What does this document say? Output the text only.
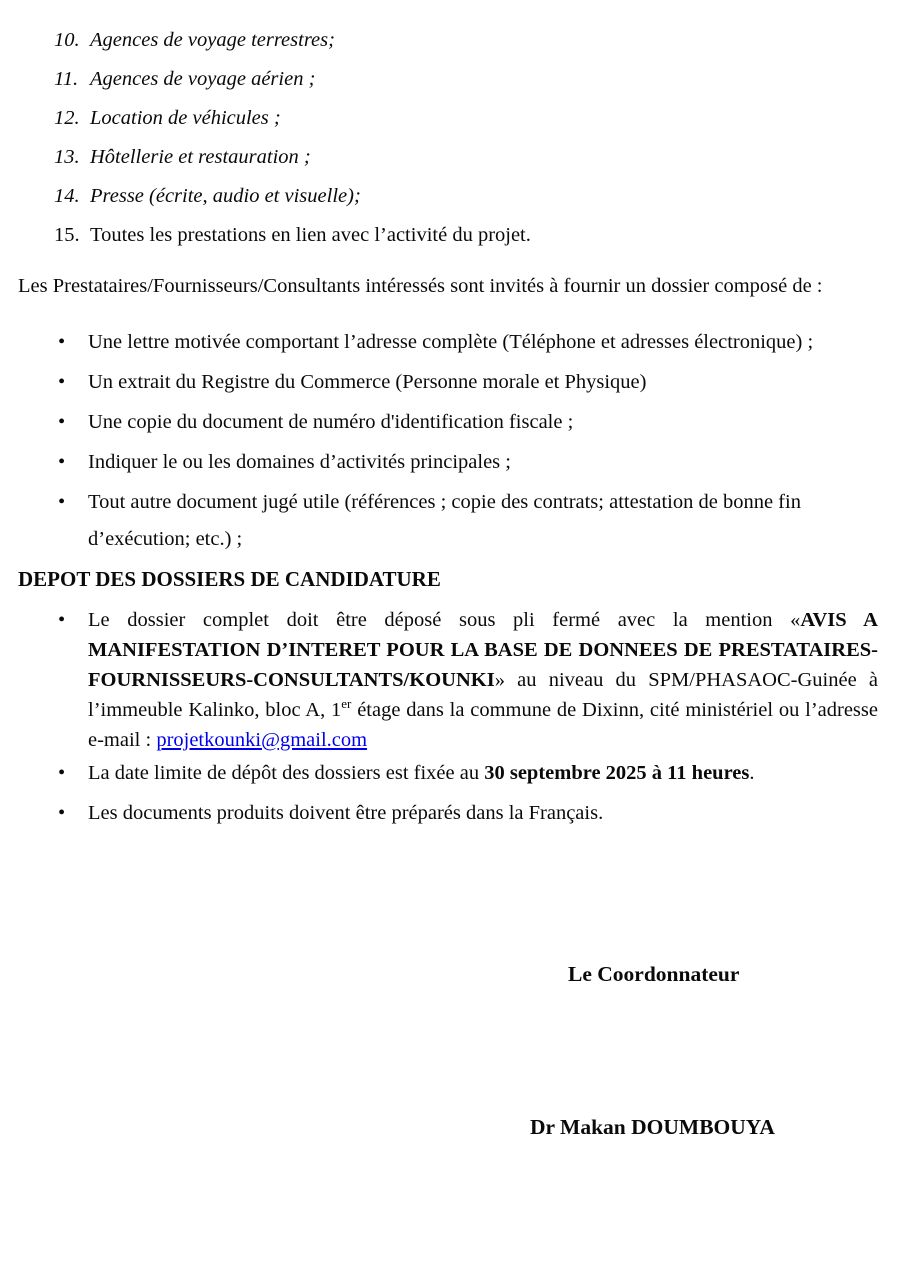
10. Agences de voyage terrestres;
11. Agences de voyage aérien ;
12. Location de véhicules ;
13. Hôtellerie et restauration ;
14. Presse (écrite, audio et visuelle);
15. Toutes les prestations en lien avec l’activité du projet.

Les Prestataires/Fournisseurs/Consultants intéressés sont invités à fournir un dossier composé de :

• Une lettre motivée comportant l’adresse complète (Téléphone et adresses électronique) ;
• Un extrait du Registre du Commerce (Personne morale et Physique)
• Une copie du document de numéro d'identification fiscale ;
• Indiquer le ou les domaines d’activités principales ;
• Tout autre document jugé utile (références ; copie des contrats; attestation de bonne fin d’exécution; etc.) ;
DEPOT DES DOSSIERS DE CANDIDATURE
• Le dossier complet doit être déposé sous pli fermé avec la mention «AVIS A MANIFESTATION D’INTERET POUR LA BASE DE DONNEES DE PRESTATAIRES-FOURNISSEURS-CONSULTANTS/KOUNKI» au niveau du SPM/PHASAOC-Guinée à l’immeuble Kalinko, bloc A, 1er étage dans la commune de Dixinn, cité ministériel ou l’adresse e-mail : projetkounki@gmail.com
• La date limite de dépôt des dossiers est fixée au 30 septembre 2025 à 11 heures.
• Les documents produits doivent être préparés dans la Français.
Le Coordonnateur
Dr Makan DOUMBOUYA
